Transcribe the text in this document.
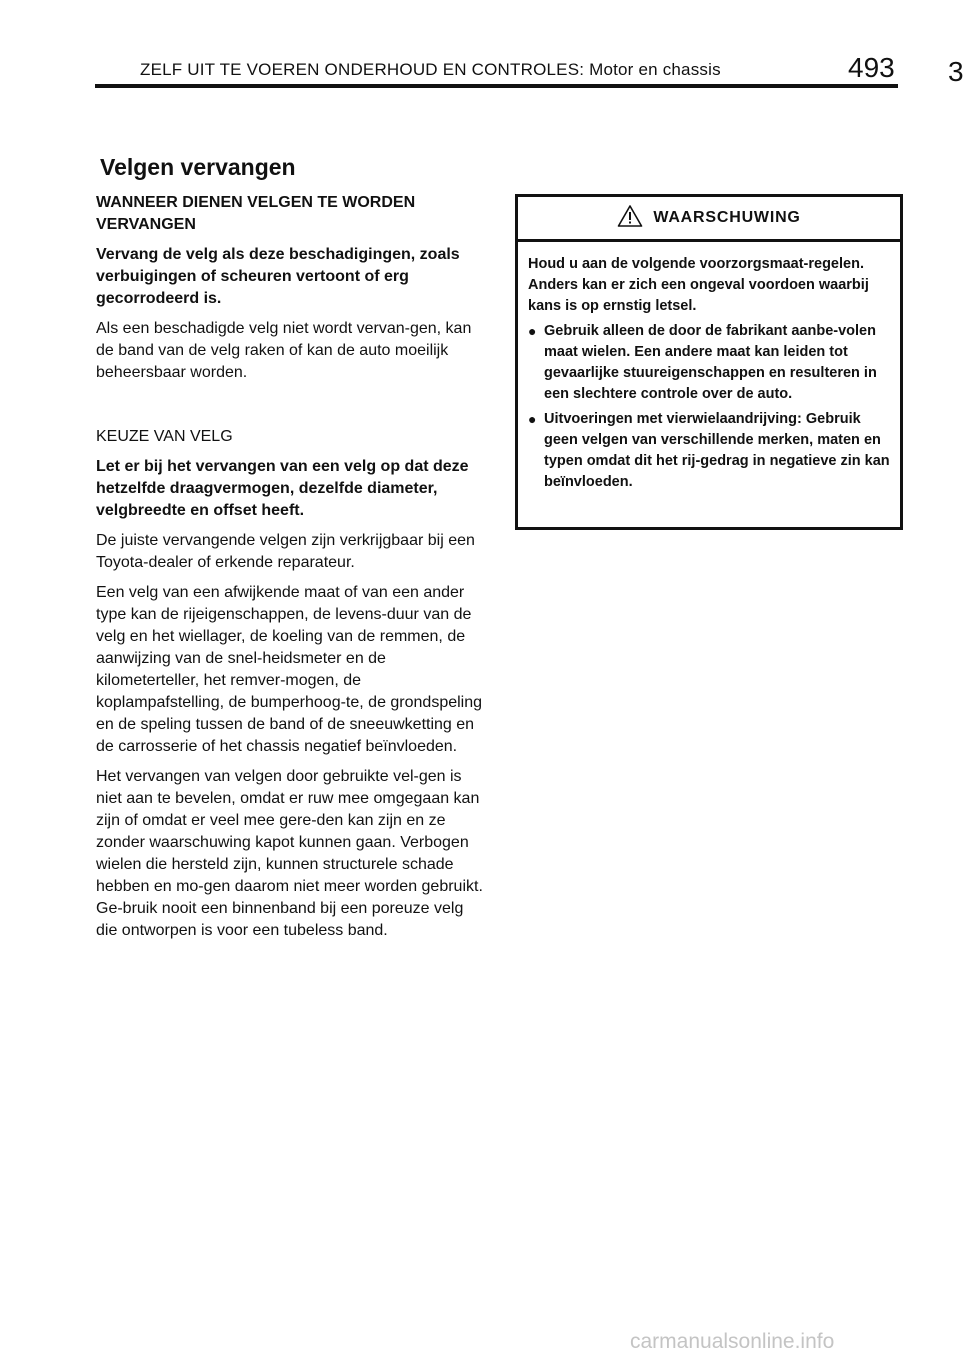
ZELF UIT TE VOEREN ONDERHOUD EN CONTROLES: Motor en chassis	493 3
Velgen vervangen

WANNEER DIENEN VELGEN TE WORDEN VERVANGEN

Vervang de velg als deze beschadigingen, zoals verbuigingen of scheuren vertoont of erg gecorrodeerd is.

Als een beschadigde velg niet wordt vervan-gen, kan de band van de velg raken of kan de auto moeilijk beheersbaar worden.

KEUZE VAN VELG

Let er bij het vervangen van een velg op dat deze hetzelfde draagvermogen, dezelfde diameter, velgbreedte en offset heeft.

De juiste vervangende velgen zijn verkrijgbaar bij een Toyota-dealer of erkende reparateur.

Een velg van een afwijkende maat of van een ander type kan de rijeigenschappen, de levens-duur van de velg en het wiellager, de koeling van de remmen, de aanwijzing van de snel-heidsmeter en de kilometerteller, het remver-mogen, de koplampafstelling, de bumperhoog-te, de grondspeling en de speling tussen de band of de sneeuwketting en de carrosserie of het chassis negatief beïnvloeden.

Het vervangen van velgen door gebruikte vel-gen is niet aan te bevelen, omdat er ruw mee omgegaan kan zijn of omdat er veel mee gere-den kan zijn en ze zonder waarschuwing kapot kunnen gaan. Verbogen wielen die hersteld zijn, kunnen structurele schade hebben en mo-gen daarom niet meer worden gebruikt. Ge-bruik nooit een binnenband bij een poreuze velg die ontworpen is voor een tubeless band.

WAARSCHUWING

Houd u aan de volgende voorzorgsmaat-regelen. Anders kan er zich een ongeval voordoen waarbij kans is op ernstig letsel.

● Gebruik alleen de door de fabrikant aanbe-volen maat wielen. Een andere maat kan leiden tot gevaarlijke stuureigenschappen en resulteren in een slechtere controle over de auto.
● Uitvoeringen met vierwielaandrijving: Gebruik geen velgen van verschillende merken, maten en typen omdat dit het rij-gedrag in negatieve zin kan beïnvloeden.
carmanualsonline.info
